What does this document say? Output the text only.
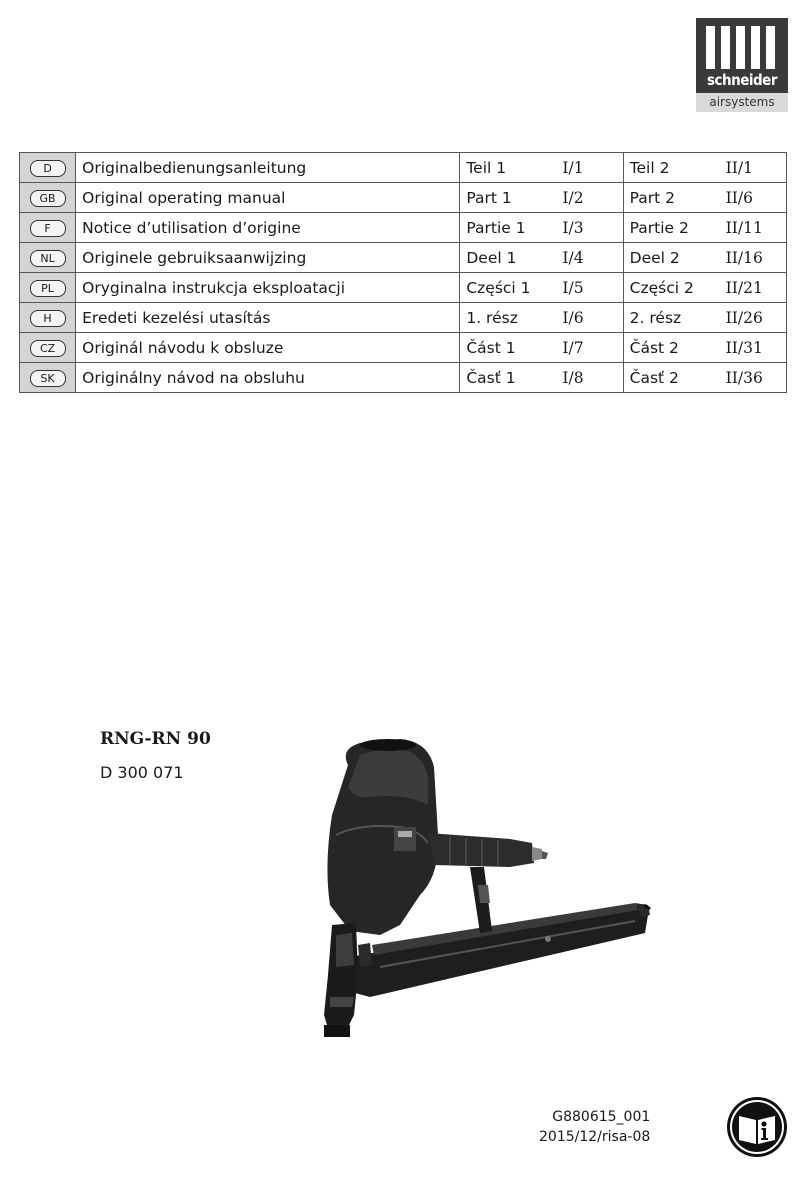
schneider
airsystems
D	Originalbedienungsanleitung	Teil 1 I/1	Teil 2 II/1
GB	Original operating manual	Part 1 I/2	Part 2 II/6
F	Notice d’utilisation d’origine	Partie 1 I/3	Partie 2 II/11
NL	Originele gebruiksaanwijzing	Deel 1 I/4	Deel 2 II/16
PL	Oryginalna instrukcja eksploatacji	Części 1 I/5	Części 2 II/21
H	Eredeti kezelési utasítás	1. rész I/6	2. rész II/26
CZ	Originál návodu k obsluze	Část 1 I/7	Část 2 II/31
SK	Originálny návod na obsluhu	Časť 1 I/8	Časť 2 II/36
RNG-RN 90
D 300 071
G880615_001
2015/12/risa-08
